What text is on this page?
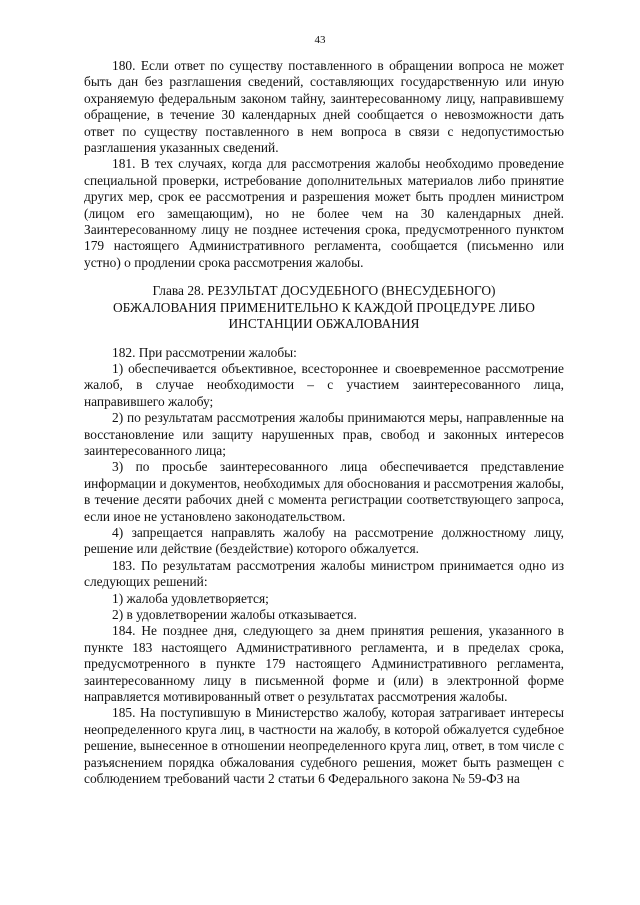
43

180. Если ответ по существу поставленного в обращении вопроса не может быть дан без разглашения сведений, составляющих государственную или иную охраняемую федеральным законом тайну, заинтересованному лицу, направившему обращение, в течение 30 календарных дней сообщается о невозможности дать ответ по существу поставленного в нем вопроса в связи с недопустимостью разглашения указанных сведений.

181. В тех случаях, когда для рассмотрения жалобы необходимо проведение специальной проверки, истребование дополнительных материалов либо принятие других мер, срок ее рассмотрения и разрешения может быть продлен министром (лицом его замещающим), но не более чем на 30 календарных дней. Заинтересованному лицу не позднее истечения срока, предусмотренного пунктом 179 настоящего Административного регламента, сообщается (письменно или устно) о продлении срока рассмотрения жалобы.

Глава 28. РЕЗУЛЬТАТ ДОСУДЕБНОГО (ВНЕСУДЕБНОГО)
ОБЖАЛОВАНИЯ ПРИМЕНИТЕЛЬНО К КАЖДОЙ ПРОЦЕДУРЕ ЛИБО
ИНСТАНЦИИ ОБЖАЛОВАНИЯ

182. При рассмотрении жалобы:

1) обеспечивается объективное, всестороннее и своевременное рассмотрение жалоб, в случае необходимости – с участием заинтересованного лица, направившего жалобу;

2) по результатам рассмотрения жалобы принимаются меры, направленные на восстановление или защиту нарушенных прав, свобод и законных интересов заинтересованного лица;

3) по просьбе заинтересованного лица обеспечивается представление информации и документов, необходимых для обоснования и рассмотрения жалобы, в течение десяти рабочих дней с момента регистрации соответствующего запроса, если иное не установлено законодательством.

4) запрещается направлять жалобу на рассмотрение должностному лицу, решение или действие (бездействие) которого обжалуется.

183. По результатам рассмотрения жалобы министром принимается одно из следующих решений:

1) жалоба удовлетворяется;

2) в удовлетворении жалобы отказывается.

184. Не позднее дня, следующего за днем принятия решения, указанного в пункте 183 настоящего Административного регламента, и в пределах срока, предусмотренного в пункте 179 настоящего Административного регламента, заинтересованному лицу в письменной форме и (или) в электронной форме направляется мотивированный ответ о результатах рассмотрения жалобы.

185. На поступившую в Министерство жалобу, которая затрагивает интересы неопределенного круга лиц, в частности на жалобу, в которой обжалуется судебное решение, вынесенное в отношении неопределенного круга лиц, ответ, в том числе с разъяснением порядка обжалования судебного решения, может быть размещен с соблюдением требований части 2 статьи 6 Федерального закона № 59-ФЗ на
